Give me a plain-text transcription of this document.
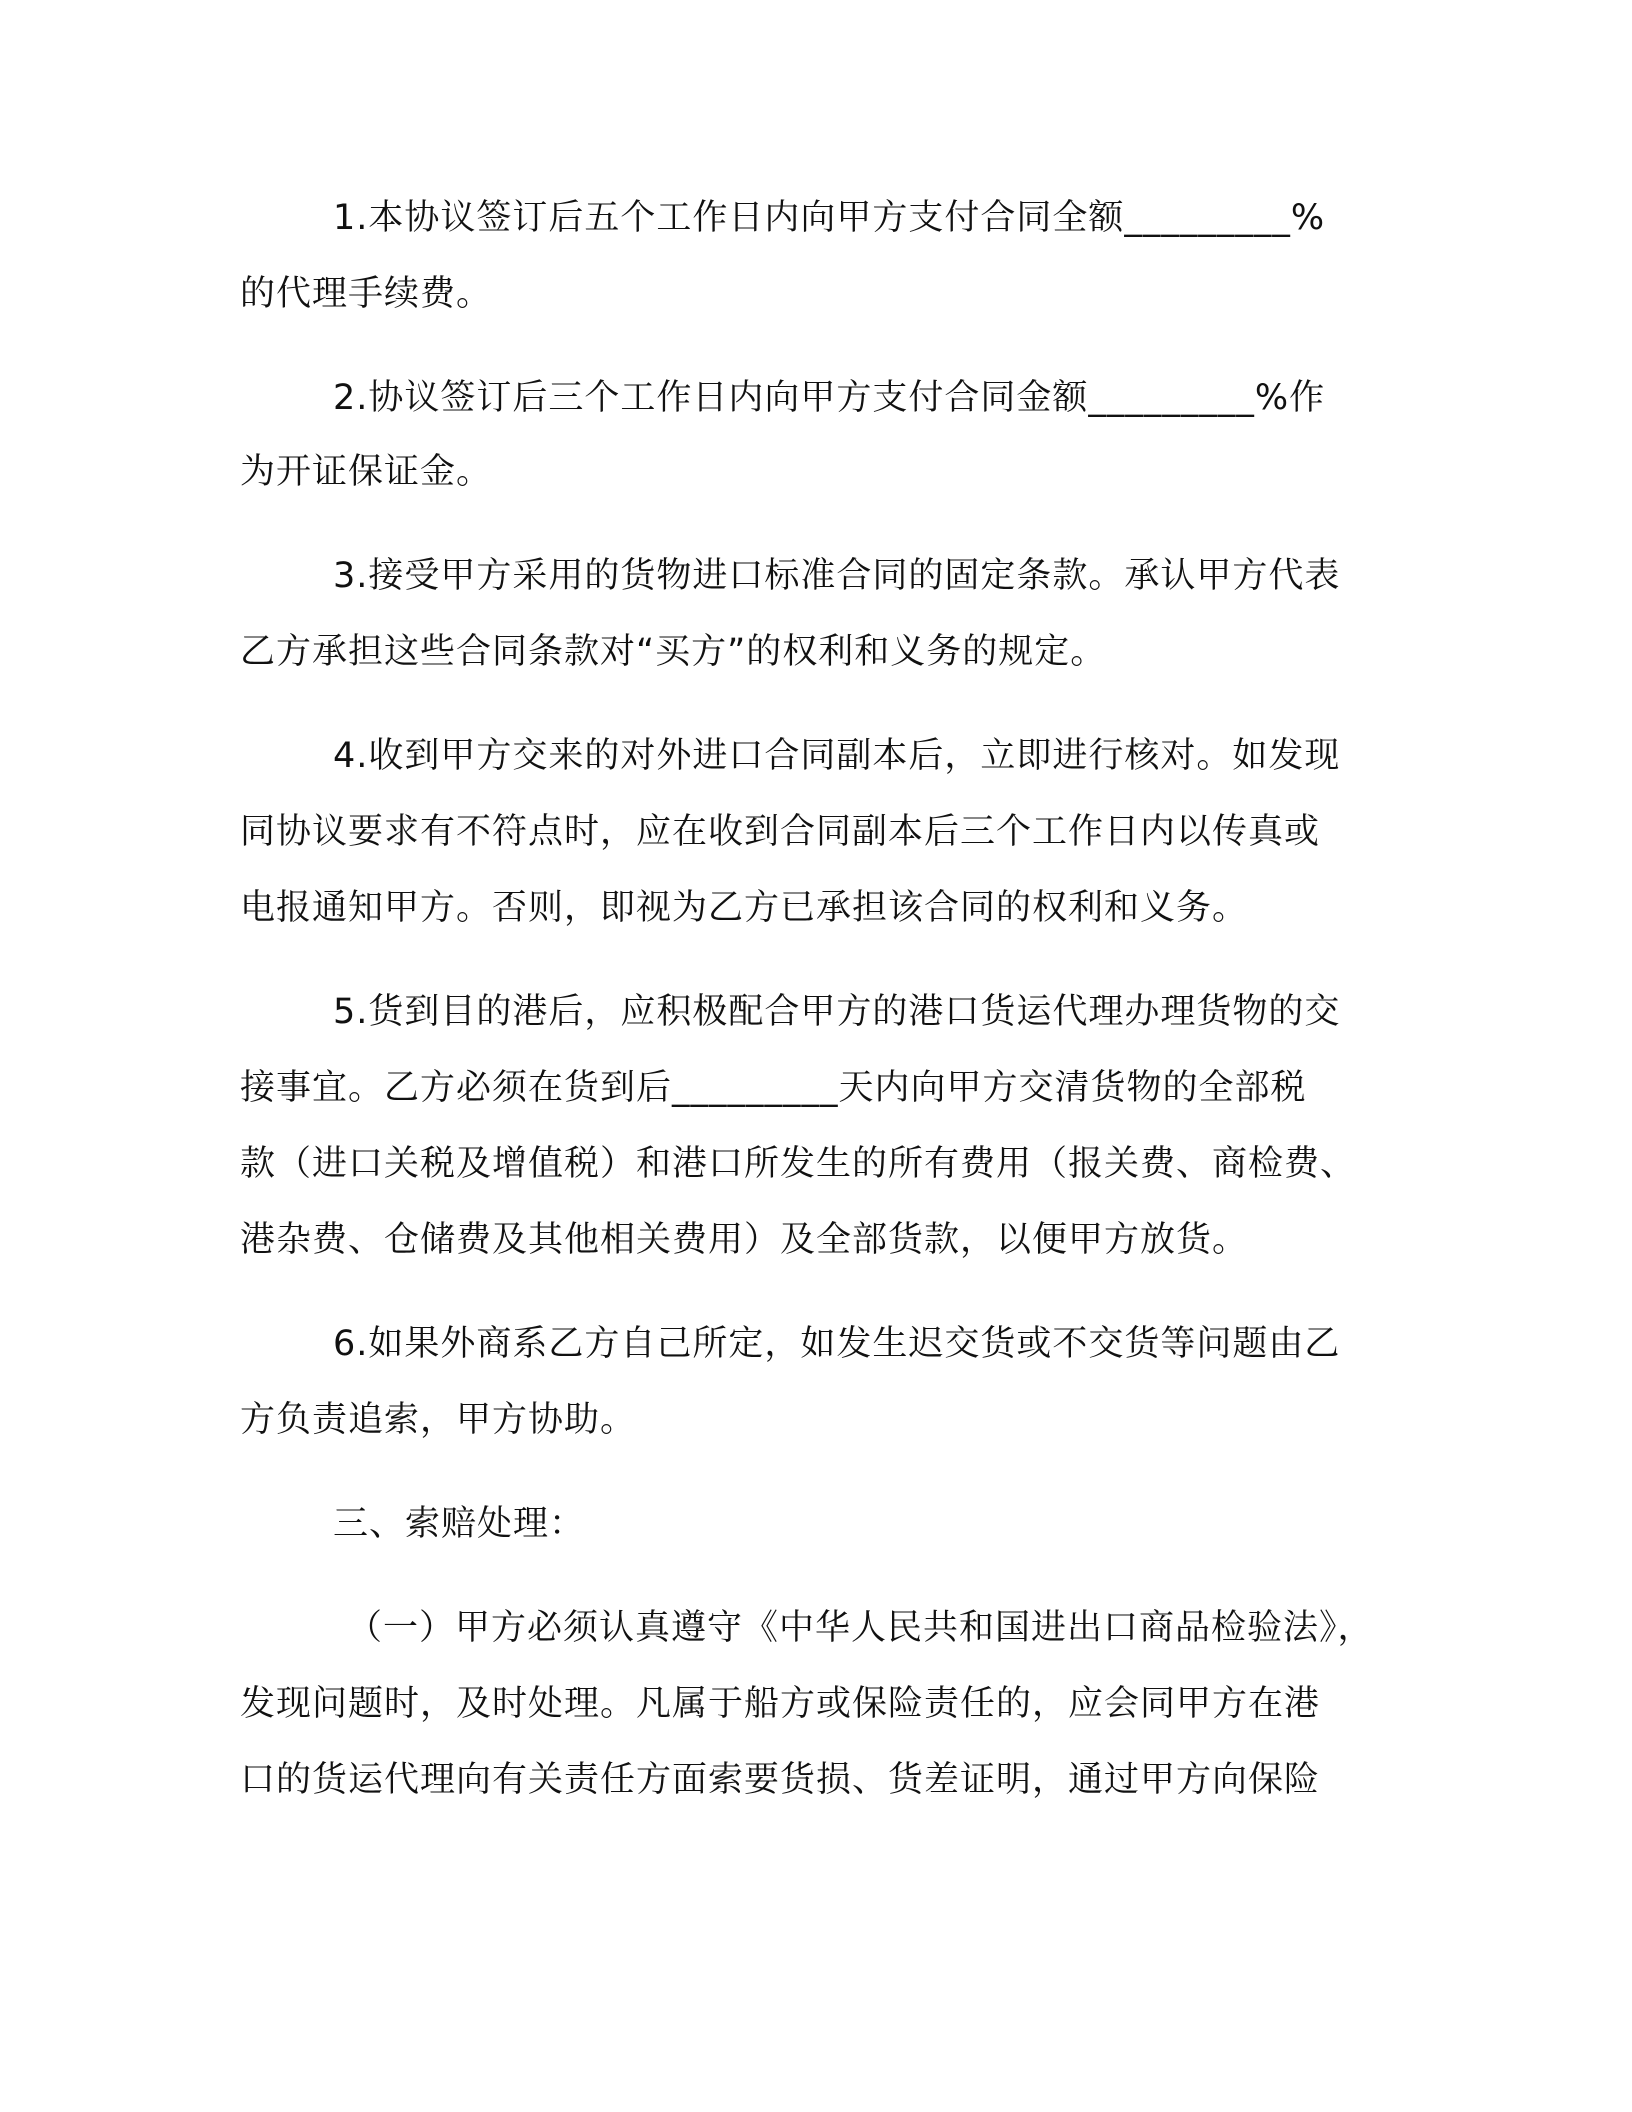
1.本协议签订后五个工作日内向甲方支付合同全额_________%
的代理手续费。
2.协议签订后三个工作日内向甲方支付合同金额_________%作
为开证保证金。
3.接受甲方采用的货物进口标准合同的固定条款。承认甲方代表
乙方承担这些合同条款对“买方”的权利和义务的规定。
4.收到甲方交来的对外进口合同副本后，立即进行核对。如发现
同协议要求有不符点时，应在收到合同副本后三个工作日内以传真或
电报通知甲方。否则，即视为乙方已承担该合同的权利和义务。
5.货到目的港后，应积极配合甲方的港口货运代理办理货物的交
接事宜。乙方必须在货到后_________天内向甲方交清货物的全部税
款（进口关税及增值税）和港口所发生的所有费用（报关费、商检费、
港杂费、仓储费及其他相关费用）及全部货款，以便甲方放货。
6.如果外商系乙方自己所定，如发生迟交货或不交货等问题由乙
方负责追索，甲方协助。
三、索赔处理：
（一）甲方必须认真遵守《中华人民共和国进出口商品检验法》，
发现问题时，及时处理。凡属于船方或保险责任的，应会同甲方在港
口的货运代理向有关责任方面索要货损、货差证明，通过甲方向保险
